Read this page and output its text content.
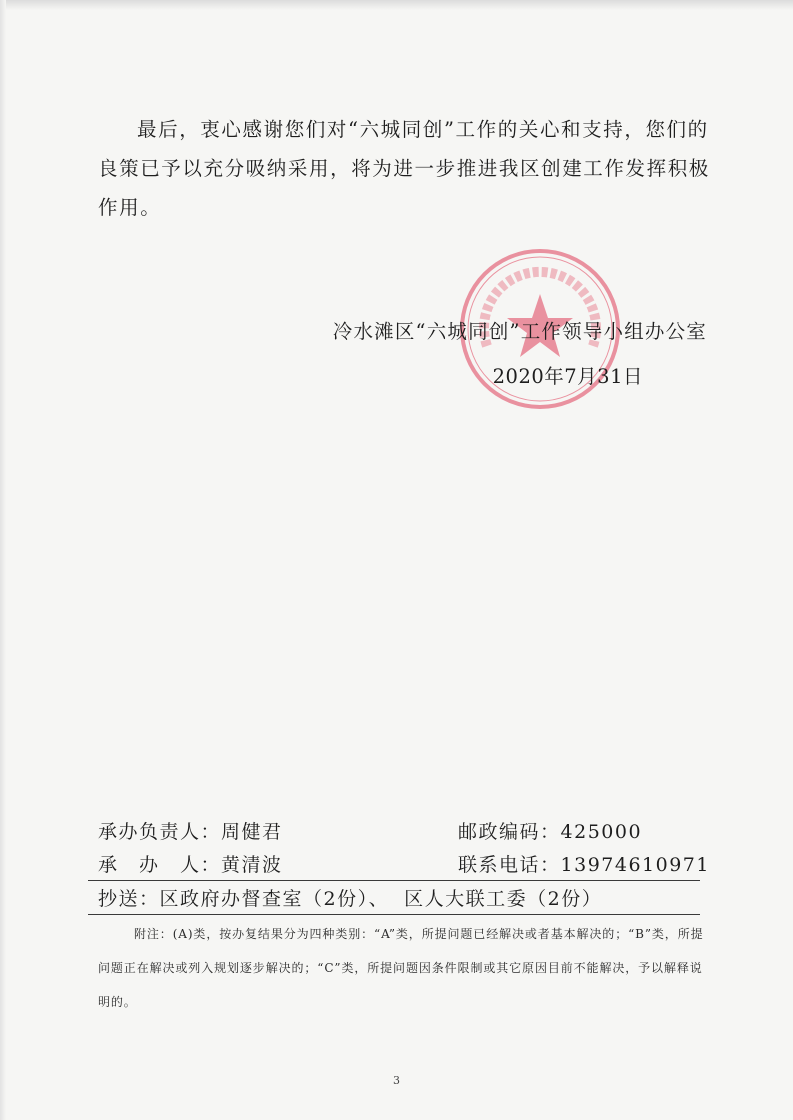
最后，衷心感谢您们对“六城同创”工作的关心和支持，您们的良策已予以充分吸纳采用，将为进一步推进我区创建工作发挥积极作用。

冷水滩区“六城同创”工作领导小组办公室
2020年7月31日
承办负责人：周健君	邮政编码：425000
承　办　人：黄清波	联系电话：13974610971
抄送：区政府办督查室（2份）、  区人大联工委（2份）

附注：(A)类，按办复结果分为四种类别：“A”类，所提问题已经解决或者基本解决的；“B”类，所提问题正在解决或列入规划逐步解决的；“C”类，所提问题因条件限制或其它原因目前不能解决，予以解释说明的。

3
